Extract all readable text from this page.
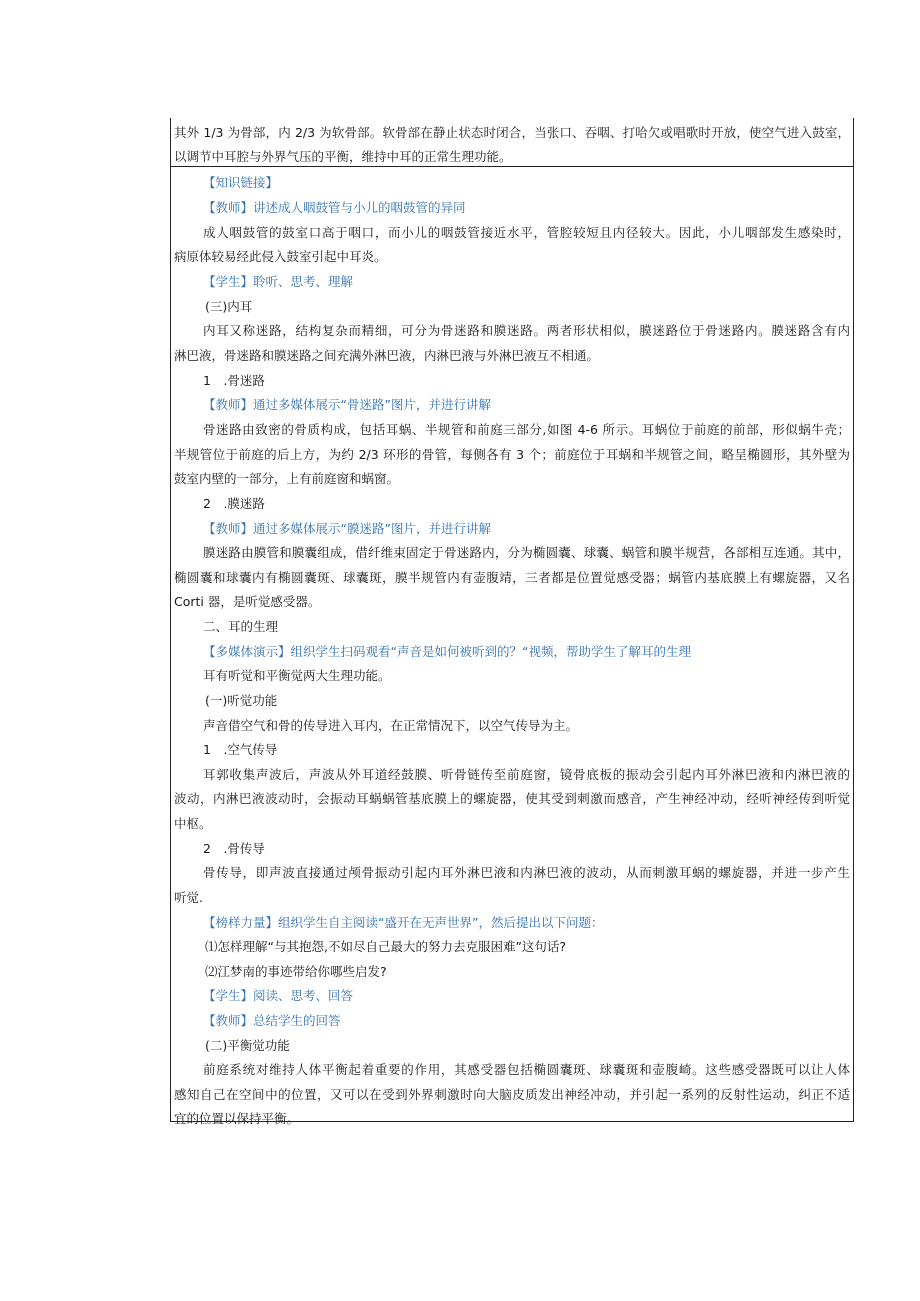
其外 1/3 为骨部，内 2/3 为软骨部。软骨部在静止状态时闭合，当张口、吞咽、打哈欠或唱歌时开放，使空气进入鼓室，
以调节中耳腔与外界气压的平衡，维持中耳的正常生理功能。
【知识链接】
【教师】讲述成人咽鼓管与小儿的咽鼓管的异同
成人咽鼓管的鼓室口高于咽口，而小儿的咽鼓管接近水平，管腔较短且内径较大。因此，小儿咽部发生感染时，
病原体较易经此侵入鼓室引起中耳炎。
【学生】聆听、思考、理解
(三)内耳
内耳又称迷路，结构复杂而精细，可分为骨迷路和膜迷路。两者形状相似，膜迷路位于骨迷路内。膜迷路含有内
淋巴液，骨迷路和膜迷路之间充满外淋巴液，内淋巴液与外淋巴液互不相通。
1　.骨迷路
【教师】通过多媒体展示“骨迷路”图片，并进行讲解
骨迷路由致密的骨质构成，包括耳蜗、半规管和前庭三部分,如图 4-6 所示。耳蜗位于前庭的前部，形似蜗牛壳；
半规管位于前庭的后上方，为约 2/3 环形的骨管，每侧各有 3 个；前庭位于耳蜗和半规管之间，略呈椭圆形，其外壁为
鼓室内壁的一部分，上有前庭窗和蜗窗。
2　.膜迷路
【教师】通过多媒体展示“膜迷路”图片，并进行讲解
膜迷路由膜管和膜囊组成，借纤维束固定于骨迷路内，分为椭圆囊、球囊、蜗管和膜半规营，各部相互连通。其中，
椭圆囊和球囊内有椭圆囊斑、球囊斑，膜半规管内有壶腹靖，三者都是位置觉感受器；蜗管内基底膜上有螺旋器，又名
Corti 器，是听觉感受器。
二、耳的生理
【多媒体演示】组织学生扫码观看“声音是如何被听到的？“视频，帮助学生了解耳的生理
耳有听觉和平衡觉两大生理功能。
(一)听觉功能
声音借空气和骨的传导进入耳内，在正常情况下，以空气传导为主。
1　.空气传导
耳郭收集声波后，声波从外耳道经鼓膜、听骨链传至前庭窗，镜骨底板的振动会引起内耳外淋巴液和内淋巴液的
波动，内淋巴液波动时，会振动耳蜗蜗管基底膜上的螺旋器，使其受到刺激而感音，产生神经冲动，经听神经传到听觉
中枢。
2　.骨传导
骨传导，即声波直接通过颅骨振动引起内耳外淋巴液和内淋巴液的波动，从而刺激耳蜗的螺旋器，并进一步产生
听觉.
【榜样力量】组织学生自主阅读“盛开在无声世界”，然后提出以下问题：
⑴怎样理解“与其抱怨,不如尽自己最大的努力去克服困难”这句话?
⑵江梦南的事迹带给你哪些启发?
【学生】阅读、思考、回答
【教师】总结学生的回答
(二)平衡觉功能
前庭系统对维持人体平衡起着重要的作用，其感受器包括椭圆囊斑、球囊斑和壶腹崎。这些感受器既可以让人体
感知自己在空间中的位置，又可以在受到外界刺激时向大脑皮质发出神经冲动，并引起一系列的反射性运动，纠正不适
宜的位置以保持平衡。
